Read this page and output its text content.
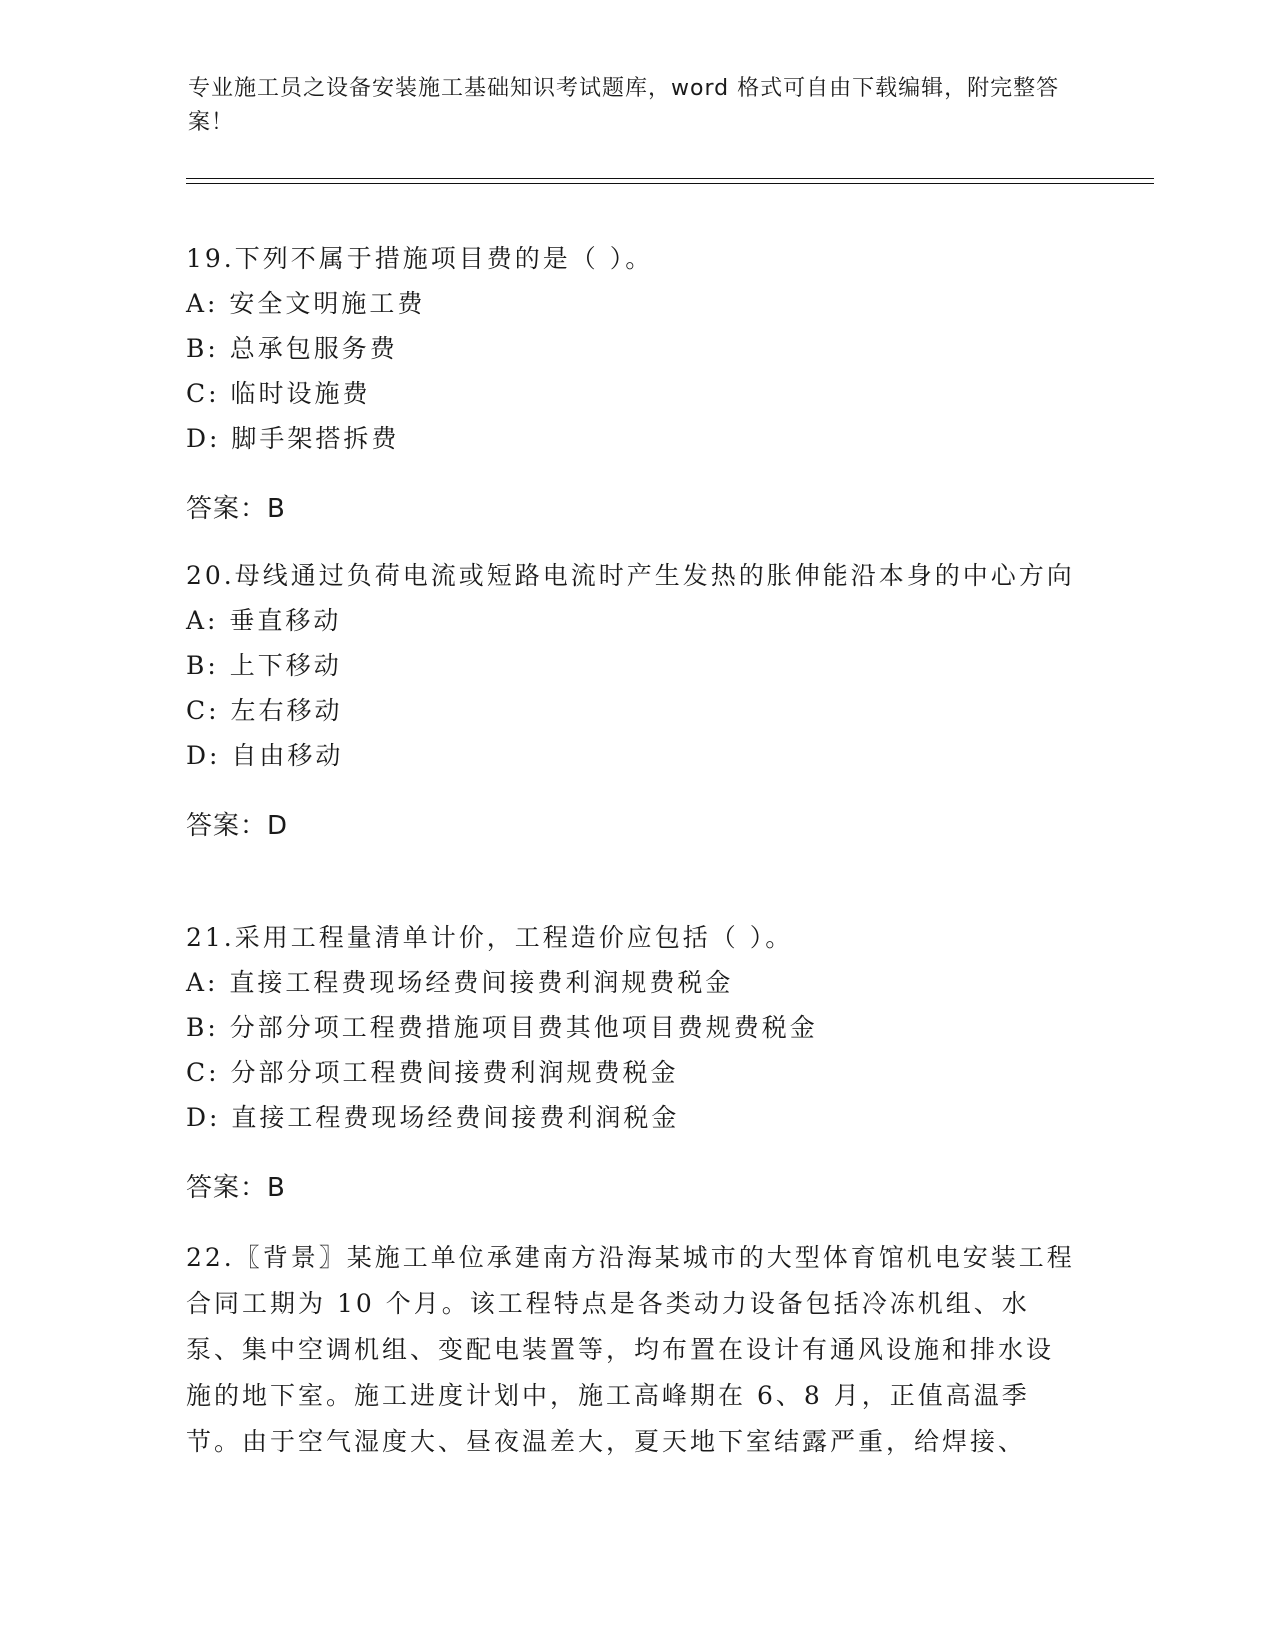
专业施工员之设备安装施工基础知识考试题库，word 格式可自由下载编辑，附完整答案！

19.下列不属于措施项目费的是（ ）。

A: 安全文明施工费

B: 总承包服务费

C: 临时设施费

D: 脚手架搭拆费

答案：B

20.母线通过负荷电流或短路电流时产生发热的胀伸能沿本身的中心方向

A: 垂直移动

B: 上下移动

C: 左右移动

D: 自由移动

答案：D

21.采用工程量清单计价，工程造价应包括（ ）。

A: 直接工程费现场经费间接费利润规费税金

B: 分部分项工程费措施项目费其他项目费规费税金

C: 分部分项工程费间接费利润规费税金

D: 直接工程费现场经费间接费利润税金

答案：B

22.〖背景〗某施工单位承建南方沿海某城市的大型体育馆机电安装工程合同工期为 10 个月。该工程特点是各类动力设备包括冷冻机组、水泵、集中空调机组、变配电装置等，均布置在设计有通风设施和排水设施的地下室。施工进度计划中，施工高峰期在 6、8 月，正值高温季节。由于空气湿度大、昼夜温差大，夏天地下室结露严重，给焊接、
